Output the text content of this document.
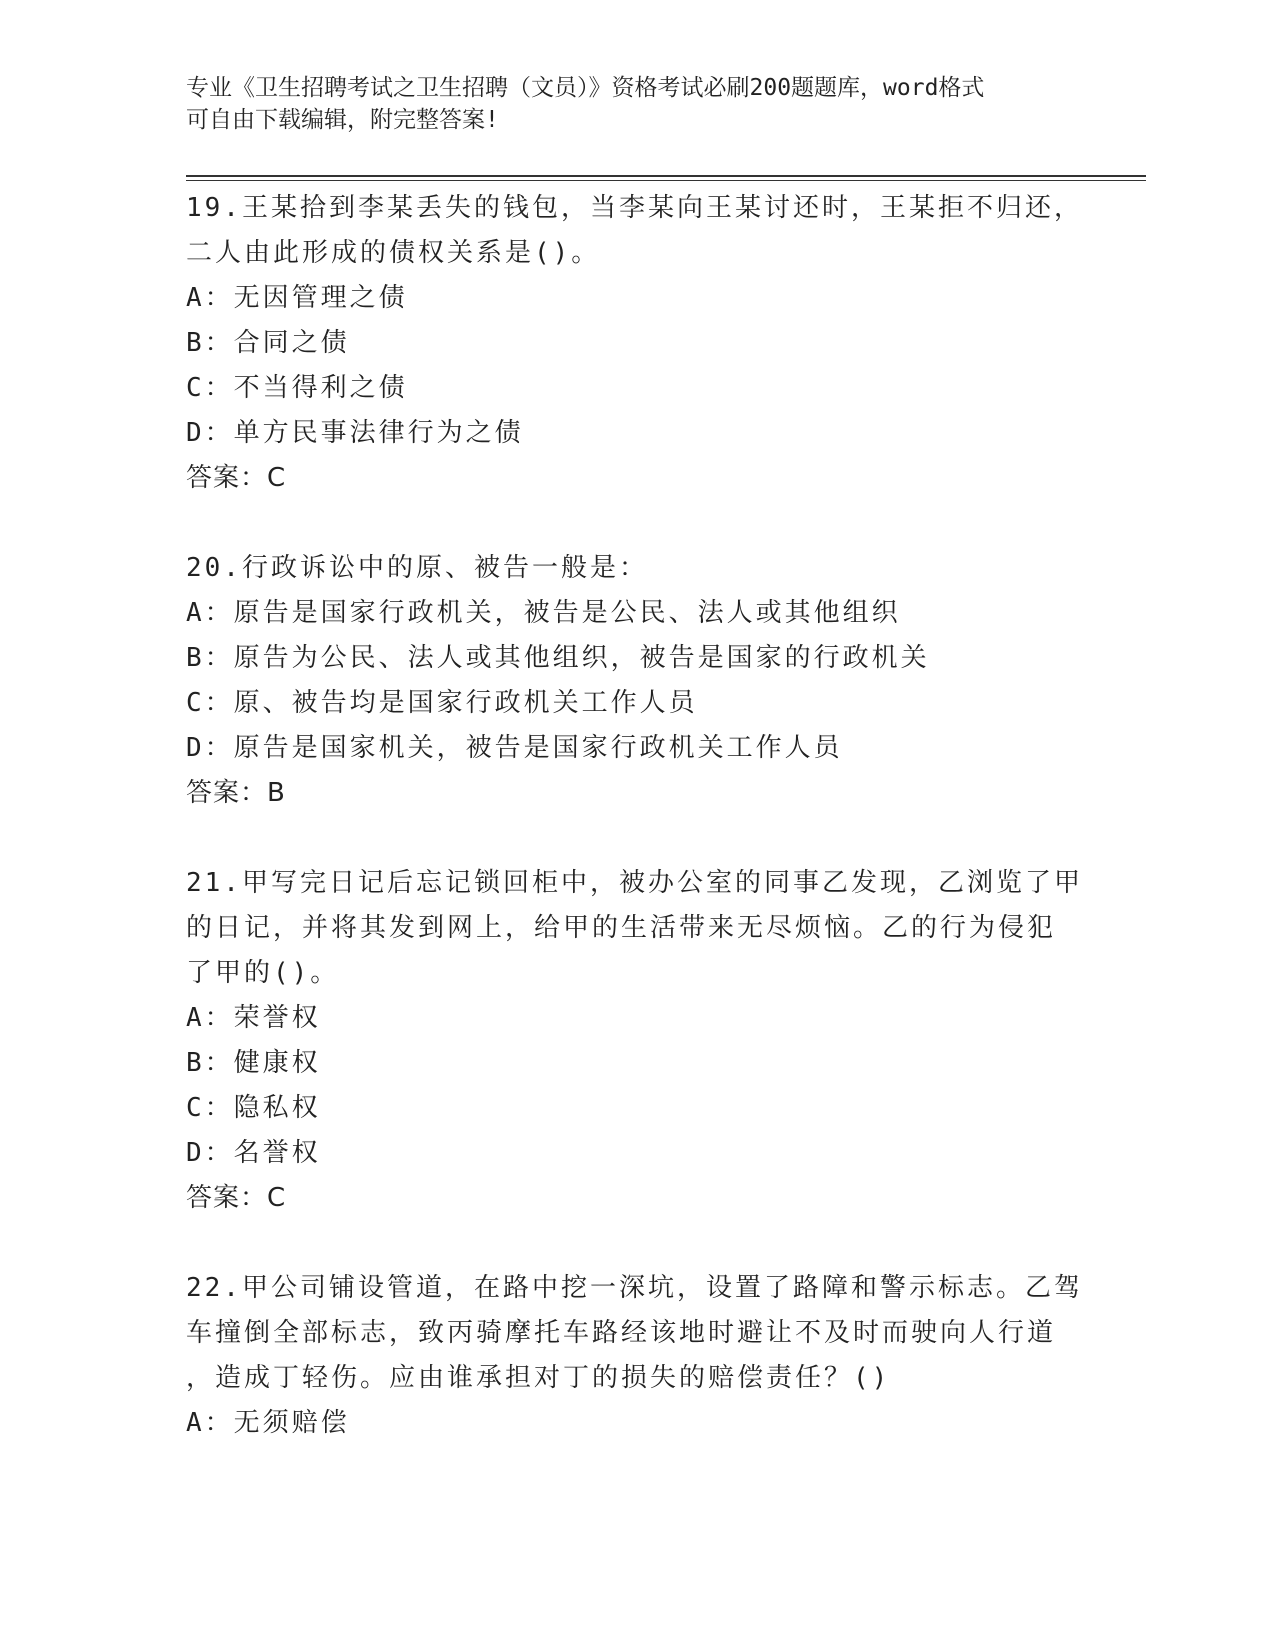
专业《卫生招聘考试之卫生招聘（文员）》资格考试必刷200题题库，word格式
可自由下载编辑，附完整答案!
19.王某拾到李某丢失的钱包，当李某向王某讨还时，王某拒不归还，
二人由此形成的债权关系是()。
A：无因管理之债
B：合同之债
C：不当得利之债
D：单方民事法律行为之债
答案：C
20.行政诉讼中的原、被告一般是：
A：原告是国家行政机关，被告是公民、法人或其他组织
B：原告为公民、法人或其他组织，被告是国家的行政机关
C：原、被告均是国家行政机关工作人员
D：原告是国家机关，被告是国家行政机关工作人员
答案：B
21.甲写完日记后忘记锁回柜中，被办公室的同事乙发现，乙浏览了甲
的日记，并将其发到网上，给甲的生活带来无尽烦恼。乙的行为侵犯
了甲的()。
A：荣誉权
B：健康权
C：隐私权
D：名誉权
答案：C
22.甲公司铺设管道，在路中挖一深坑，设置了路障和警示标志。乙驾
车撞倒全部标志，致丙骑摩托车路经该地时避让不及时而驶向人行道
，造成丁轻伤。应由谁承担对丁的损失的赔偿责任？()
A：无须赔偿
